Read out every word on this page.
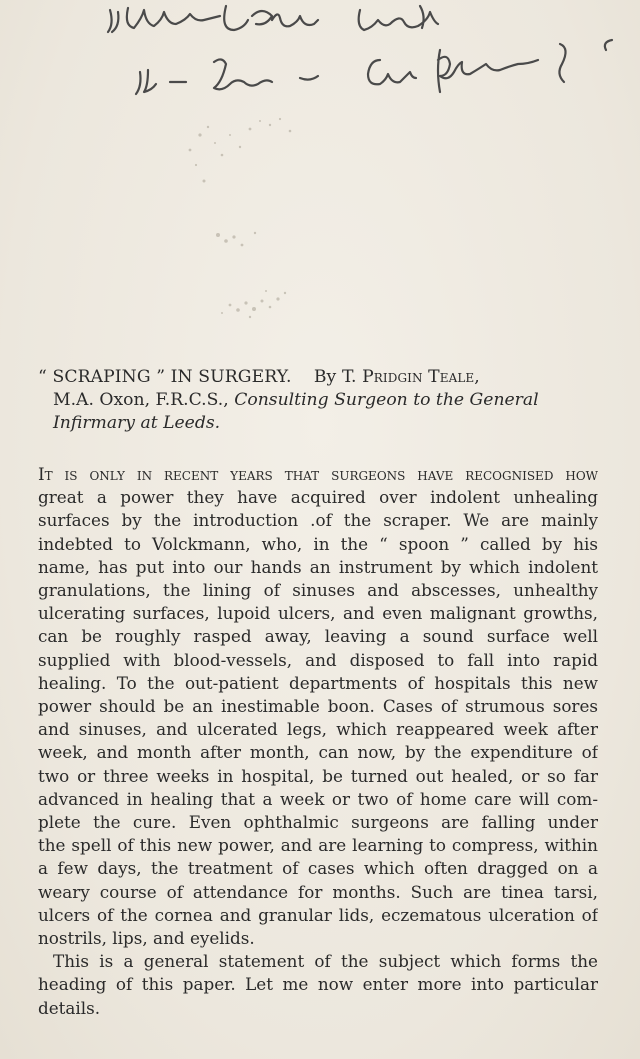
“ SCRAPING ” IN SURGERY. By T. Pridgin Teale,

M.A. Oxon, F.R.C.S., Consulting Surgeon to the General

Infirmary at Leeds.

It is only in recent years that surgeons have recognised how
great a power they have acquired over indolent unhealing
surfaces by the introduction .of the scraper. We are mainly
indebted to Volckmann, who, in the “ spoon ” called by his
name, has put into our hands an instrument by which indolent
granulations, the lining of sinuses and abscesses, unhealthy
ulcerating surfaces, lupoid ulcers, and even malignant growths,
can be roughly rasped away, leaving a sound surface well
supplied with blood-vessels, and disposed to fall into rapid
healing. To the out-patient departments of hospitals this new
power should be an inestimable boon. Cases of strumous sores
and sinuses, and ulcerated legs, which reappeared week after
week, and month after month, can now, by the expenditure of
two or three weeks in hospital, be turned out healed, or so far
advanced in healing that a week or two of home care will com-
plete the cure. Even ophthalmic surgeons are falling under
the spell of this new power, and are learning to compress, within
a few days, the treatment of cases which often dragged on a
weary course of attendance for months. Such are tinea tarsi,
ulcers of the cornea and granular lids, eczematous ulceration of
nostrils, lips, and eyelids.
This is a general statement of the subject which forms the
heading of this paper. Let me now enter more into particular
details.
